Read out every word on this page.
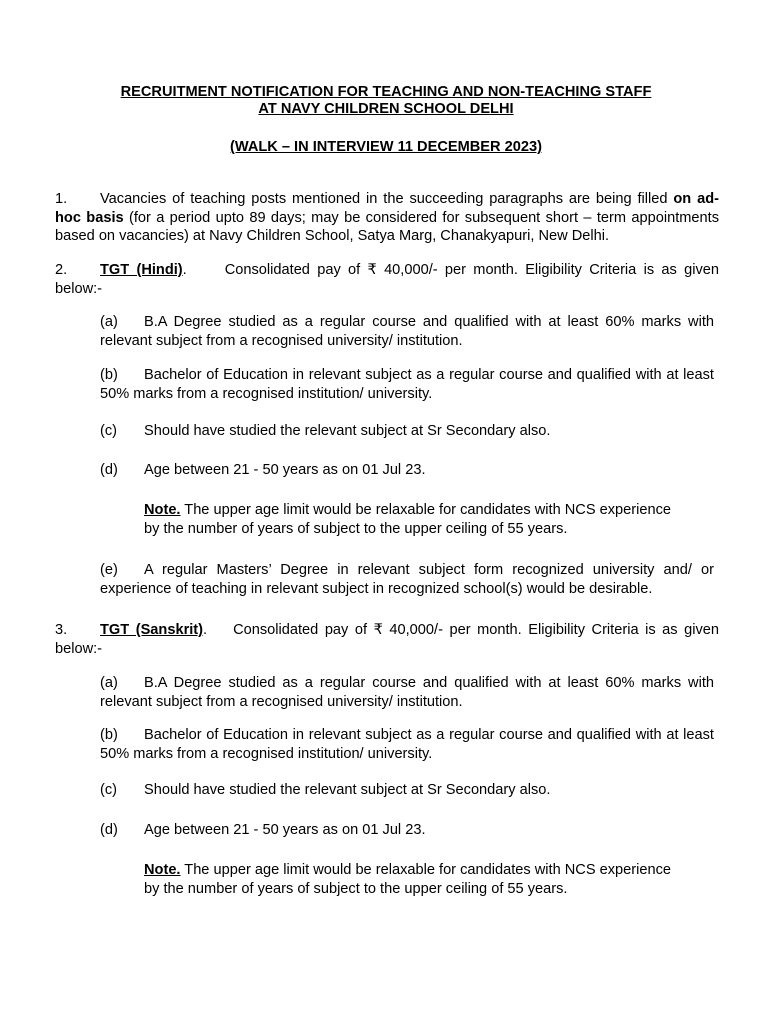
RECRUITMENT NOTIFICATION FOR TEACHING AND NON-TEACHING STAFF
AT NAVY CHILDREN SCHOOL DELHI
(WALK – IN INTERVIEW 11 DECEMBER 2023)
1. Vacancies of teaching posts mentioned in the succeeding paragraphs are being filled on ad-hoc basis (for a period upto 89 days; may be considered for subsequent short – term appointments based on vacancies) at Navy Children School, Satya Marg, Chanakyapuri, New Delhi.
2. TGT (Hindi).	Consolidated pay of ₹ 40,000/- per month. Eligibility Criteria is as given below:-
(a) B.A Degree studied as a regular course and qualified with at least 60% marks with relevant subject from a recognised university/ institution.
(b) Bachelor of Education in relevant subject as a regular course and qualified with at least 50% marks from a recognised institution/ university.
(c) Should have studied the relevant subject at Sr Secondary also.
(d) Age between 21 - 50 years as on 01 Jul 23.
Note. The upper age limit would be relaxable for candidates with NCS experience
by the number of years of subject to the upper ceiling of 55 years.
(e) A regular Masters’ Degree in relevant subject form recognized university and/ or experience of teaching in relevant subject in recognized school(s) would be desirable.
3. TGT (Sanskrit). Consolidated pay of ₹ 40,000/- per month. Eligibility Criteria is as given below:-
(a) B.A Degree studied as a regular course and qualified with at least 60% marks with relevant subject from a recognised university/ institution.
(b) Bachelor of Education in relevant subject as a regular course and qualified with at least 50% marks from a recognised institution/ university.
(c) Should have studied the relevant subject at Sr Secondary also.
(d) Age between 21 - 50 years as on 01 Jul 23.
Note. The upper age limit would be relaxable for candidates with NCS experience
by the number of years of subject to the upper ceiling of 55 years.
